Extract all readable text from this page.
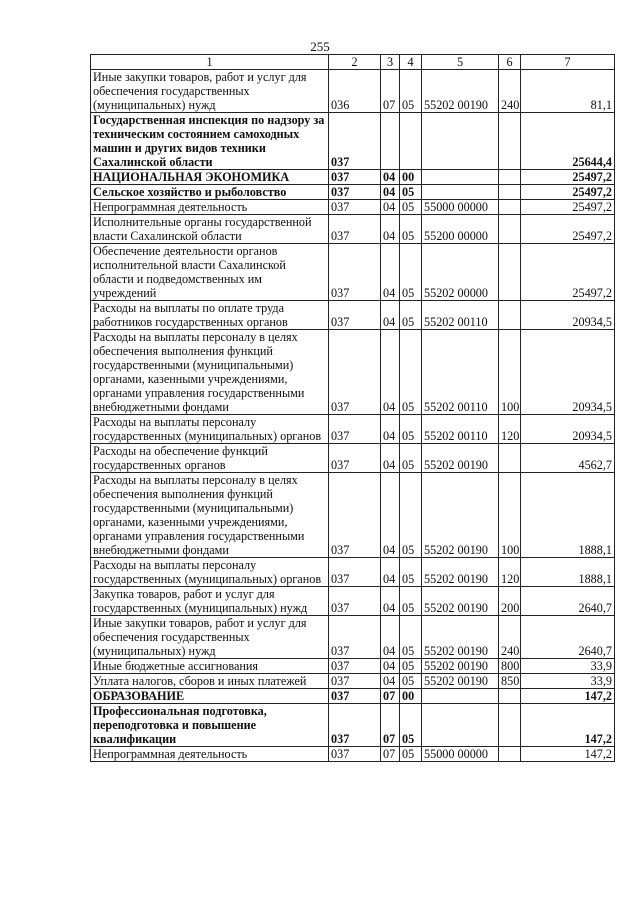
255
1	2	3	4	5	6	7
Иные закупки товаров, работ и услуг для обеспечения государственных (муниципальных) нужд	036	07	05	55202 00190	240	81,1
Государственная инспекция по надзору за техническим состоянием самоходных машин и других видов техники Сахалинской области	037					25644,4
НАЦИОНАЛЬНАЯ ЭКОНОМИКА	037	04	00			25497,2
Сельское хозяйство и рыболовство	037	04	05			25497,2
Непрограммная деятельность	037	04	05	55000 00000		25497,2
Исполнительные органы государственной власти Сахалинской области	037	04	05	55200 00000		25497,2
Обеспечение деятельности органов исполнительной власти Сахалинской области и подведомственных им учреждений	037	04	05	55202 00000		25497,2
Расходы на выплаты по оплате труда работников государственных органов	037	04	05	55202 00110		20934,5
Расходы на выплаты персоналу в целях обеспечения выполнения функций государственными (муниципальными) органами, казенными учреждениями, органами управления государственными внебюджетными фондами	037	04	05	55202 00110	100	20934,5
Расходы на выплаты персоналу государственных (муниципальных) органов	037	04	05	55202 00110	120	20934,5
Расходы на обеспечение функций государственных органов	037	04	05	55202 00190		4562,7
Расходы на выплаты персоналу в целях обеспечения выполнения функций государственными (муниципальными) органами, казенными учреждениями, органами управления государственными внебюджетными фондами	037	04	05	55202 00190	100	1888,1
Расходы на выплаты персоналу государственных (муниципальных) органов	037	04	05	55202 00190	120	1888,1
Закупка товаров, работ и услуг для государственных (муниципальных) нужд	037	04	05	55202 00190	200	2640,7
Иные закупки товаров, работ и услуг для обеспечения государственных (муниципальных) нужд	037	04	05	55202 00190	240	2640,7
Иные бюджетные ассигнования	037	04	05	55202 00190	800	33,9
Уплата налогов, сборов и иных платежей	037	04	05	55202 00190	850	33,9
ОБРАЗОВАНИЕ	037	07	00			147,2
Профессиональная подготовка, переподготовка и повышение квалификации	037	07	05			147,2
Непрограммная деятельность	037	07	05	55000 00000		147,2
